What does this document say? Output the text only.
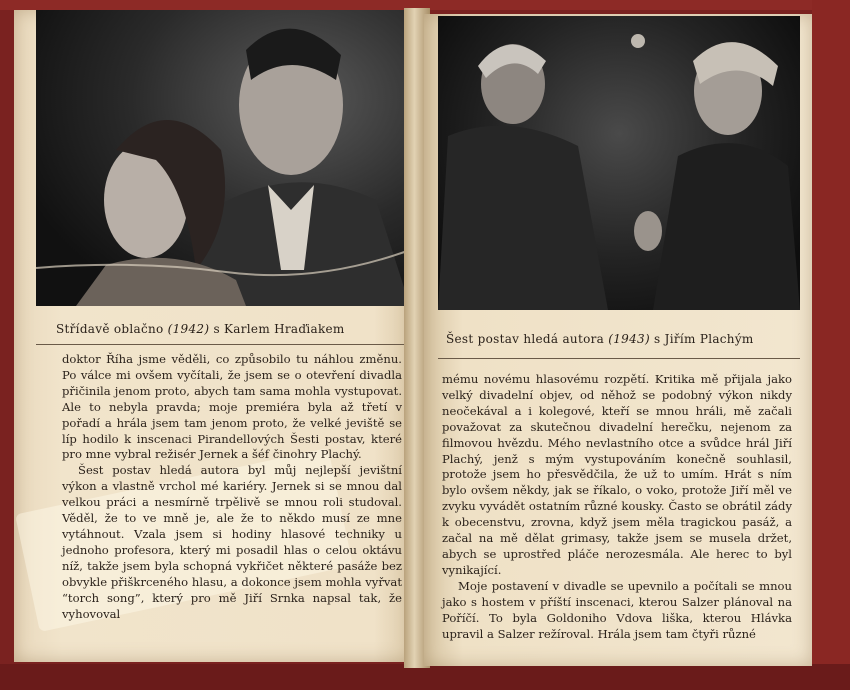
Střídavě oblačno (1942) s Karlem Hraďiakem

doktor Říha jsme věděli, co způsobilo tu náhlou změnu. Po válce mi ovšem vyčítali, že jsem se o otevření divadla přičinila jenom proto, abych tam sama mohla vystupovat. Ale to nebyla pravda; moje premiéra byla až třetí v pořadí a hrála jsem tam jenom proto, že velké jeviště se líp hodilo k inscenaci Pirandellových Šesti postav, které pro mne vybral režisér Jernek a šéf činohry Plachý.

Šest postav hledá autora byl můj nejlepší jevištní výkon a vlastně vrchol mé kariéry. Jernek si se mnou dal velkou práci a nesmírně trpělivě se mnou roli studoval. Věděl, že to ve mně je, ale že to někdo musí ze mne vytáhnout. Vzala jsem si hodiny hlasové techniky u jednoho profesora, který mi posadil hlas o celou oktávu níž, takže jsem byla schopná vykřičet některé pasáže bez obvykle přiškrceného hlasu, a dokonce jsem mohla vyřvat “torch song”, který pro mě Jiří Srnka napsal tak, že vyhovoval

Šest postav hledá autora (1943) s Jiřím Plachým

mému novému hlasovému rozpětí. Kritika mě přijala jako velký divadelní objev, od něhož se podobný výkon nikdy neočekával a i kolegové, kteří se mnou hráli, mě začali považovat za skutečnou divadelní herečku, nejenom za filmovou hvězdu. Mého nevlastního otce a svůdce hrál Jiří Plachý, jenž s mým vystupováním konečně souhlasil, protože jsem ho přesvědčila, že už to umím. Hrát s ním bylo ovšem někdy, jak se říkalo, o voko, protože Jiří měl ve zvyku vyvádět ostatním různé kousky. Často se obrátil zády k obecenstvu, zrovna, když jsem měla tragickou pasáž, a začal na mě dělat grimasy, takže jsem se musela držet, abych se uprostřed pláče nerozesmála. Ale herec to byl vynikající.

Moje postavení v divadle se upevnilo a počítali se mnou jako s hostem v příští inscenaci, kterou Salzer plánoval na Poříčí. To byla Goldoniho Vdova liška, kterou Hlávka upravil a Salzer režíroval. Hrála jsem tam čtyři různé
